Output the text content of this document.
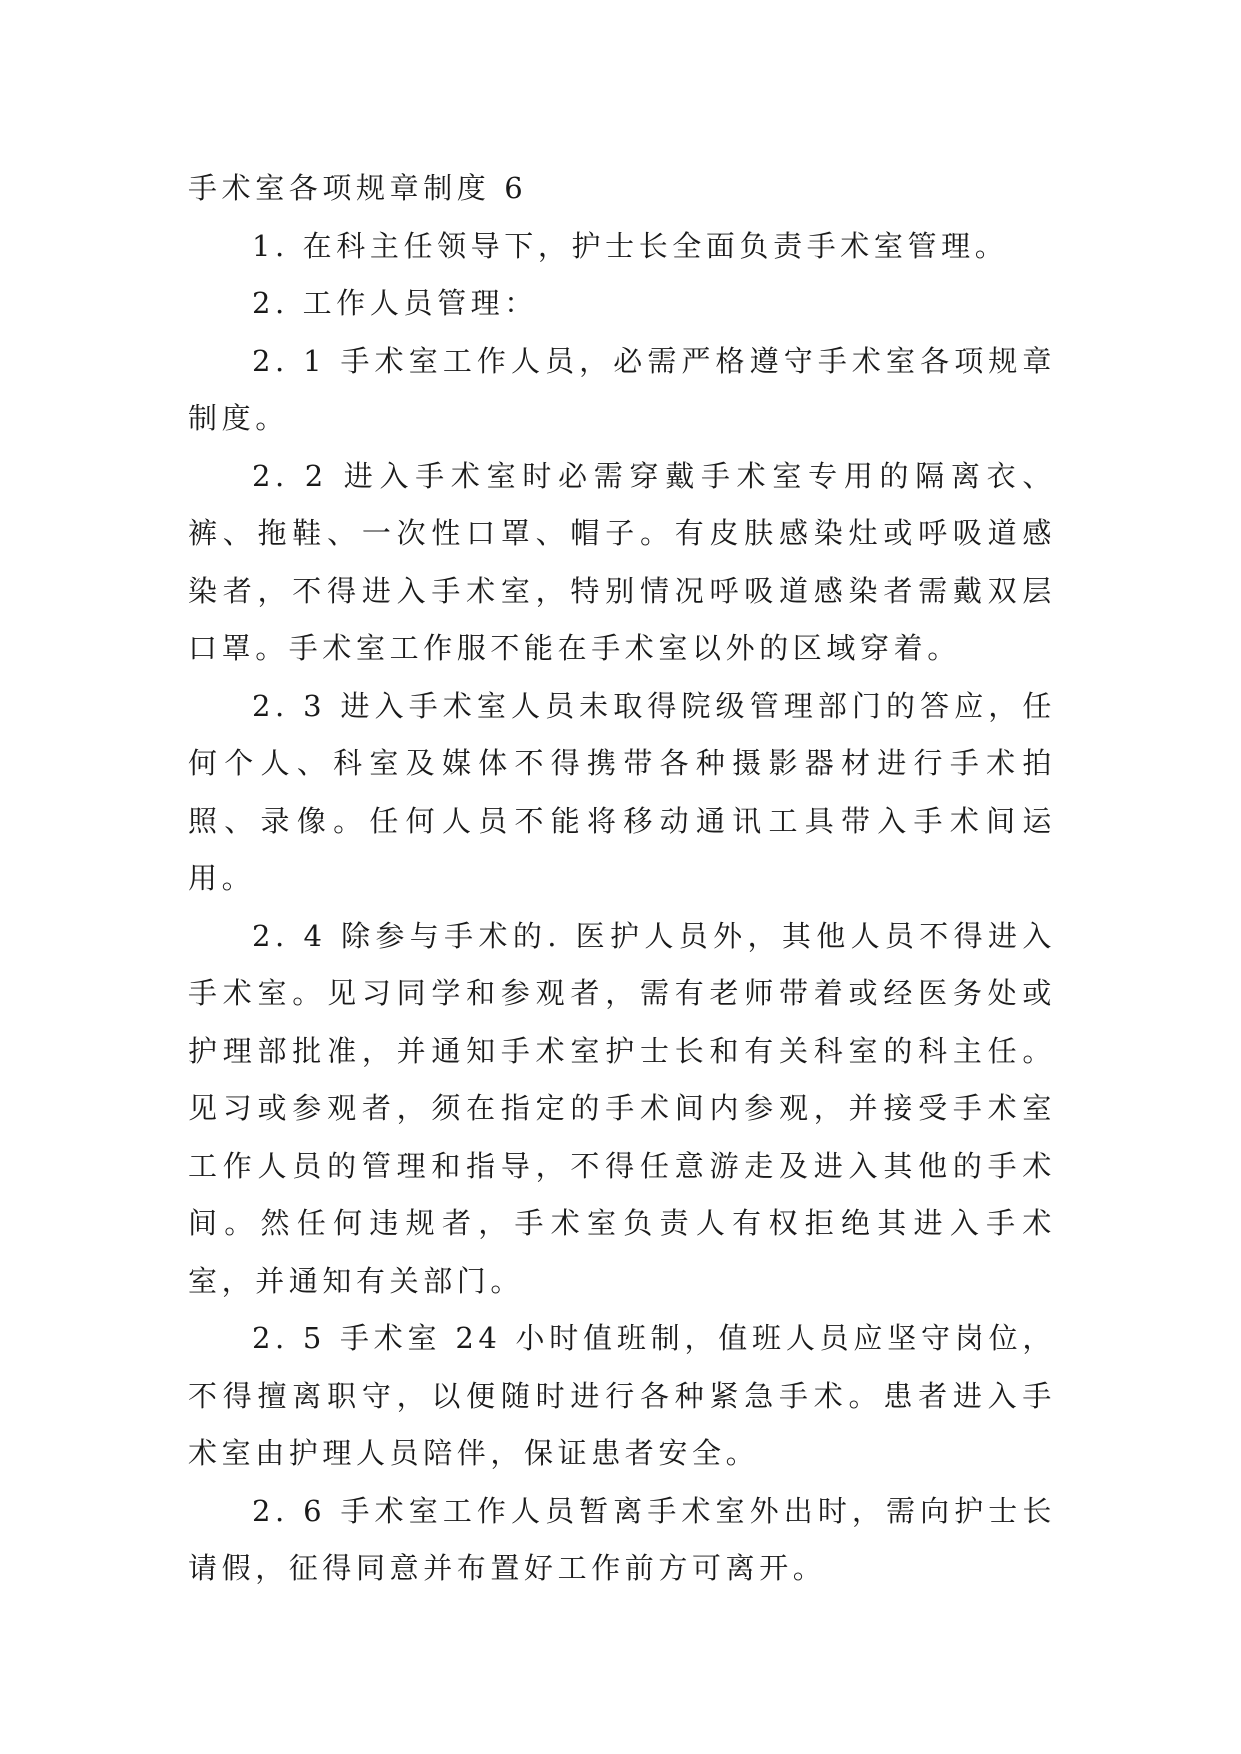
手术室各项规章制度 6

1. 在科主任领导下，护士长全面负责手术室管理。

2. 工作人员管理：

2. 1 手术室工作人员，必需严格遵守手术室各项规章制度。

2. 2 进入手术室时必需穿戴手术室专用的隔离衣、裤、拖鞋、一次性口罩、帽子。有皮肤感染灶或呼吸道感染者，不得进入手术室，特别情况呼吸道感染者需戴双层口罩。手术室工作服不能在手术室以外的区域穿着。

2. 3 进入手术室人员未取得院级管理部门的答应，任何个人、科室及媒体不得携带各种摄影器材进行手术拍照、录像。任何人员不能将移动通讯工具带入手术间运用。

2. 4 除参与手术的. 医护人员外，其他人员不得进入手术室。见习同学和参观者，需有老师带着或经医务处或护理部批准，并通知手术室护士长和有关科室的科主任。见习或参观者，须在指定的手术间内参观，并接受手术室工作人员的管理和指导，不得任意游走及进入其他的手术间。然任何违规者，手术室负责人有权拒绝其进入手术室，并通知有关部门。

2. 5 手术室 24 小时值班制，值班人员应坚守岗位，不得擅离职守，以便随时进行各种紧急手术。患者进入手术室由护理人员陪伴，保证患者安全。

2. 6 手术室工作人员暂离手术室外出时，需向护士长请假，征得同意并布置好工作前方可离开。
